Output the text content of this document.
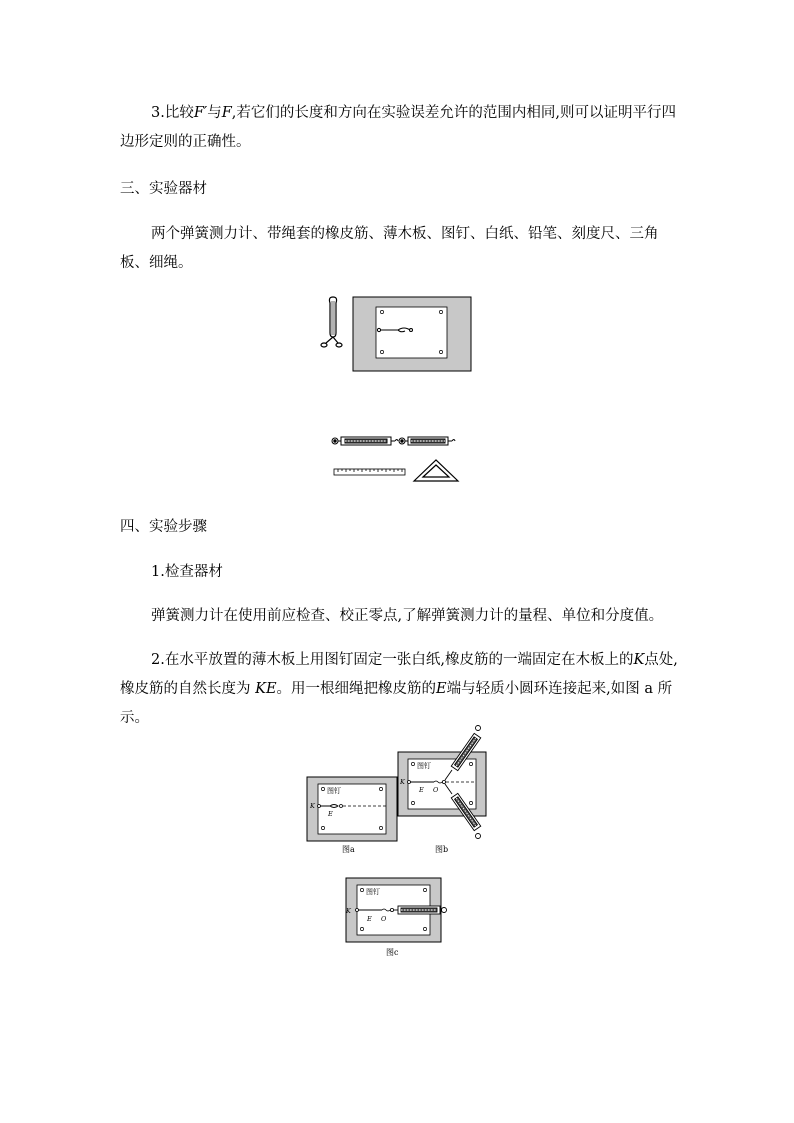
3.比较F′与F,若它们的长度和方向在实验误差允许的范围内相同,则可以证明平行四边形定则的正确性。

三、实验器材

两个弹簧测力计、带绳套的橡皮筋、薄木板、图钉、白纸、铅笔、刻度尺、三角板、细绳。

四、实验步骤

1.检查器材

弹簧测力计在使用前应检查、校正零点,了解弹簧测力计的量程、单位和分度值。

2.在水平放置的薄木板上用图钉固定一张白纸,橡皮筋的一端固定在木板上的K点处,橡皮筋的自然长度为 KE。用一根细绳把橡皮筋的E端与轻质小圆环连接起来,如图 a 所示。

图钉
K
E
图a
图钉
K
E O
图b
图钉
K
E O
图c
